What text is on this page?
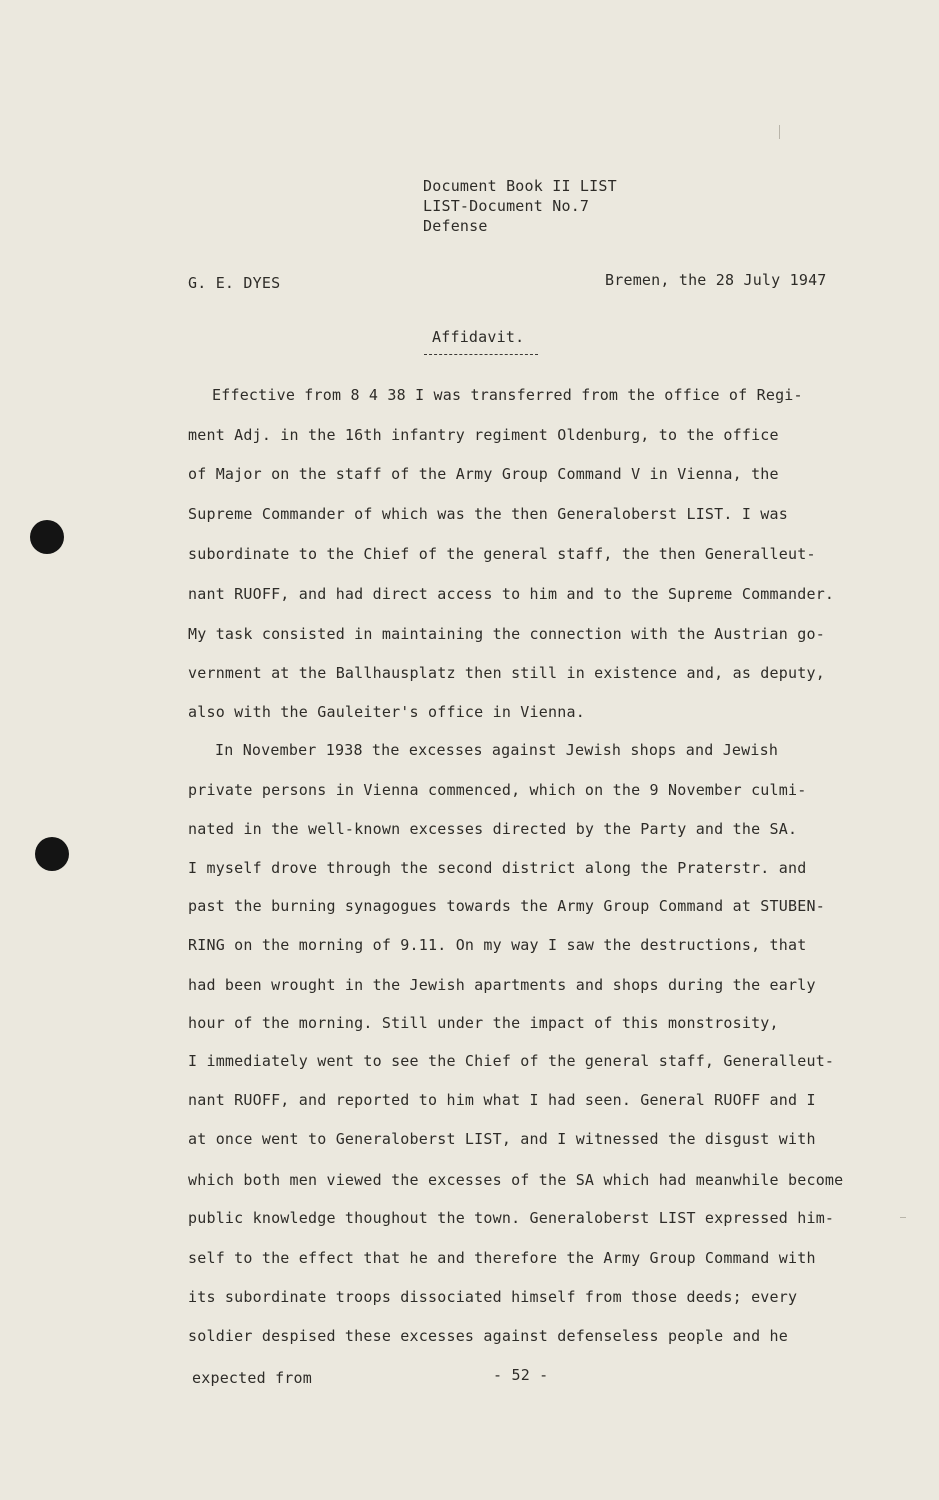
Document Book II LIST
LIST-Document No.7
Defense
G. E. DYES	Bremen, the 28 July 1947
Affidavit.
Effective from 8 4 38 I was transferred from the office of Regi-
ment Adj. in the 16th infantry regiment Oldenburg, to the office
of Major on the staff of the Army Group Command V in Vienna, the
Supreme Commander of which was the then Generaloberst LIST. I was
subordinate to the Chief of the general staff, the then Generalleut-
nant RUOFF, and had direct access to him and to the Supreme Commander.
My task consisted in maintaining the connection with the Austrian go-
vernment at the Ballhausplatz then still in existence and, as deputy,
also with the Gauleiter's office in Vienna.
In November 1938 the excesses against Jewish shops and Jewish
private persons in Vienna commenced, which on the 9 November culmi-
nated in the well-known excesses directed by the Party and the SA.
I myself drove through the second district along the Praterstr. and
past the burning synagogues towards the Army Group Command at STUBEN-
RING on the morning of 9.11. On my way I saw the destructions, that
had been wrought in the Jewish apartments and shops during the early
hour of the morning. Still under the impact of this monstrosity,
I immediately went to see the Chief of the general staff, Generalleut-
nant RUOFF, and reported to him what I had seen. General RUOFF and I
at once went to Generaloberst LIST, and I witnessed the disgust with
which both men viewed the excesses of the SA which had meanwhile become
public knowledge thoughout the town. Generaloberst LIST expressed him-
self to the effect that he and therefore the Army Group Command with
its subordinate troops dissociated himself from those deeds; every
soldier despised these excesses against defenseless people and he
expected from	- 52 -
